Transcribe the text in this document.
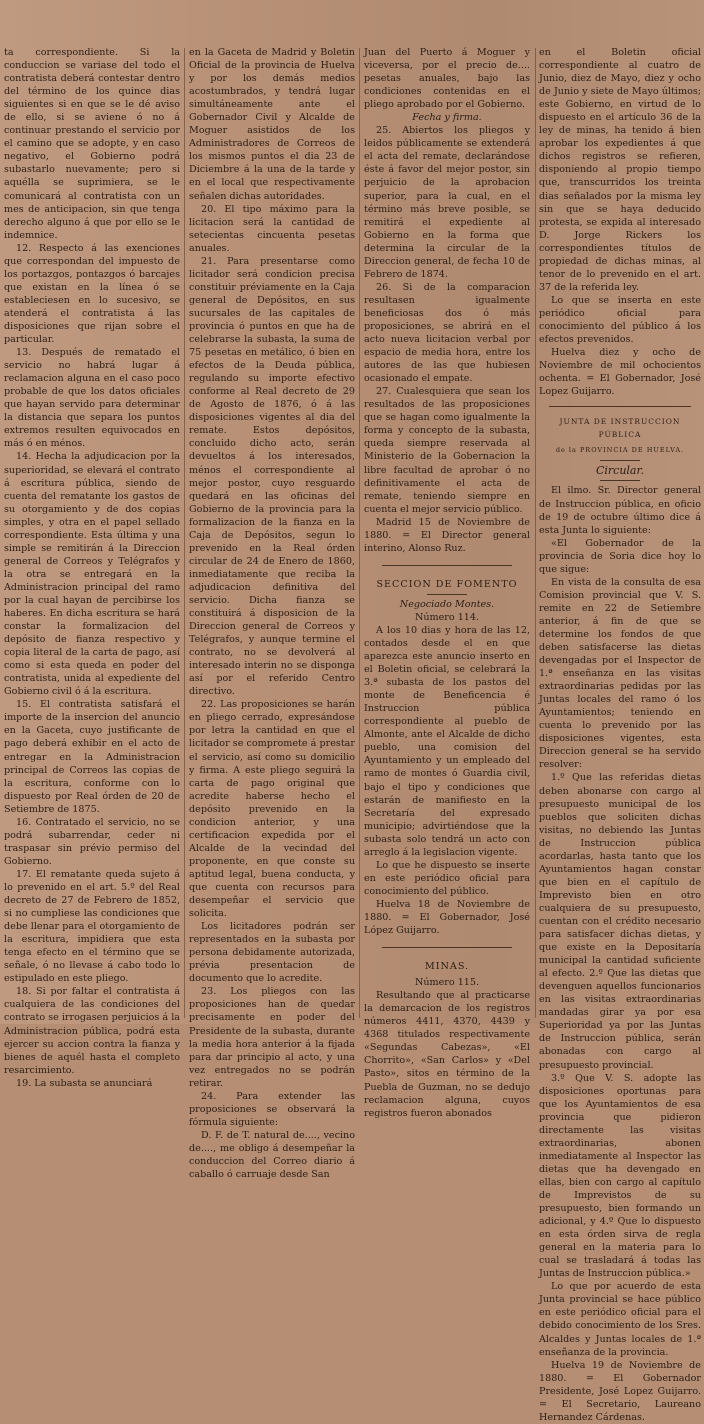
ta correspondiente. Si la conduccion se variase del todo el contratista deberá contestar dentro del término de los quince dias siguientes si en que se le dé aviso de ello, si se aviene ó no á continuar prestando el servicio por el camino que se adopte, y en caso negativo, el Gobierno podrá subastarlo nuevamente; pero si aquélla se suprimiera, se le comunicará al contratista con un mes de anticipacion, sin que tenga derecho alguno á que por ello se le indemnice.

12. Respecto á las exenciones que correspondan del impuesto de los portazgos, pontazgos ó barcajes que existan en la línea ó se estableciesen en lo sucesivo, se atenderá el contratista á las disposiciones que rijan sobre el particular.

13. Después de rematado el servicio no habrá lugar á reclamacion alguna en el caso poco probable de que los datos oficiales que hayan servido para determinar la distancia que separa los puntos extremos resulten equivocados en más ó en ménos.

14. Hecha la adjudicacion por la superioridad, se elevará el contrato á escritura pública, siendo de cuenta del rematante los gastos de su otorgamiento y de dos copias simples, y otra en el papel sellado correspondiente. Esta última y una simple se remitirán á la Direccion general de Correos y Telégrafos y la otra se entregará en la Administracion principal del ramo por la cual hayan de percibirse los haberes. En dicha escritura se hará constar la formalizacion del depósito de fianza respectivo y copia literal de la carta de pago, así como si esta queda en poder del contratista, unida al expediente del Gobierno civil ó á la escritura.

15. El contratista satisfará el importe de la insercion del anuncio en la Gaceta, cuyo justificante de pago deberá exhibir en el acto de entregar en la Administracion principal de Correos las copias de la escritura, conforme con lo dispuesto por Real órden de 20 de Setiembre de 1875.

16. Contratado el servicio, no se podrá subarrendar, ceder ni traspasar sin prévio permiso del Gobierno.

17. El rematante queda sujeto á lo prevenido en el art. 5.º del Real decreto de 27 de Febrero de 1852, si no cumpliese las condiciones que debe llenar para el otorgamiento de la escritura, impidiera que esta tenga efecto en el término que se señale, ó no llevase á cabo todo lo estipulado en este pliego.

18. Si por faltar el contratista á cualquiera de las condiciones del contrato se irrogasen perjuicios á la Administracion pública, podrá esta ejercer su accion contra la fianza y bienes de aquél hasta el completo resarcimiento.

19. La subasta se anunciará

en la Gaceta de Madrid y Boletin Oficial de la provincia de Huelva y por los demás medios acostumbrados, y tendrá lugar simultáneamente ante el Gobernador Civil y Alcalde de Moguer asistidos de los Administradores de Correos de los mismos puntos el dia 23 de Diciembre á la una de la tarde y en el local que respectivamente señalen dichas autoridades.

20. El tipo máximo para la licitacion será la cantidad de setecientas cincuenta pesetas anuales.

21. Para presentarse como licitador será condicion precisa constituir préviamente en la Caja general de Depósitos, en sus sucursales de las capitales de provincia ó puntos en que ha de celebrarse la subasta, la suma de 75 pesetas en metálico, ó bien en efectos de la Deuda pública, regulando su importe efectivo conforme al Real decreto de 29 de Agosto de 1876, ó á las disposiciones vigentes al dia del remate. Estos depósitos, concluido dicho acto, serán devueltos á los interesados, ménos el correspondiente al mejor postor, cuyo resguardo quedará en las oficinas del Gobierno de la provincia para la formalizacion de la fianza en la Caja de Depósitos, segun lo prevenido en la Real órden circular de 24 de Enero de 1860, inmediatamente que reciba la adjudicacion definitiva del servicio. Dicha fianza se constituirá á disposicion de la Direccion general de Correos y Telégrafos, y aunque termine el contrato, no se devolverá al interesado interin no se disponga así por el referido Centro directivo.

22. Las proposiciones se harán en pliego cerrado, expresándose por letra la cantidad en que el licitador se compromete á prestar el servicio, así como su domicilio y firma. A este pliego seguirá la carta de pago original que acredite haberse hecho el depósito prevenido en la condicion anterior, y una certificacion expedida por el Alcalde de la vecindad del proponente, en que conste su aptitud legal, buena conducta, y que cuenta con recursos para desempeñar el servicio que solicita.

Los licitadores podrán ser representados en la subasta por persona debidamente autorizada, prévia presentacion de documento que lo acredite.

23. Los pliegos con las proposiciones han de quedar precisamente en poder del Presidente de la subasta, durante la media hora anterior á la fijada para dar principio al acto, y una vez entregados no se podrán retirar.

24. Para extender las proposiciones se observará la fórmula siguiente:

D. F. de T. natural de...., vecino de...., me obligo á desempeñar la conduccion del Correo diario á caballo ó carruaje desde San

Juan del Puerto á Moguer y viceversa, por el precio de.... pesetas anuales, bajo las condiciones contenidas en el pliego aprobado por el Gobierno.

Fecha y firma.

25. Abiertos los pliegos y leidos públicamente se extenderá el acta del remate, declarándose éste á favor del mejor postor, sin perjuicio de la aprobacion superior, para la cual, en el término más breve posible, se remitirá el expediente al Gobierno en la forma que determina la circular de la Direccion general, de fecha 10 de Febrero de 1874.

26. Si de la comparacion resultasen igualmente beneficiosas dos ó más proposiciones, se abrirá en el acto nueva licitacion verbal por espacio de media hora, entre los autores de las que hubiesen ocasionado el empate.

27. Cualesquiera que sean los resultados de las proposiciones que se hagan como igualmente la forma y concepto de la subasta, queda siempre reservada al Ministerio de la Gobernacion la libre facultad de aprobar ó no definitivamente el acta de remate, teniendo siempre en cuenta el mejor servicio público.

Madrid 15 de Noviembre de 1880. = El Director general interino, Alonso Ruz.

SECCION DE FOMENTO

Negociado Montes.

Número 114.

A los 10 dias y hora de las 12, contados desde el en que aparezca este anuncio inserto en el Boletin oficial, se celebrará la 3.ª subasta de los pastos del monte de Beneficencia é Instruccion pública correspondiente al pueblo de Almonte, ante el Alcalde de dicho pueblo, una comision del Ayuntamiento y un empleado del ramo de montes ó Guardia civil, bajo el tipo y condiciones que estarán de manifiesto en la Secretaría del expresado municipio; advirtiéndose que la subasta solo tendrá un acto con arreglo á la legislacion vigente.

Lo que he dispuesto se inserte en este periódico oficial para conocimiento del público.

Huelva 18 de Noviembre de 1880. = El Gobernador, José López Guijarro.

MINAS.

Número 115.

Resultando que al practicarse la demarcacion de los registros números 4411, 4370, 4439 y 4368 titulados respectivamente «Segundas Cabezas», «El Chorrito», «San Carlos» y «Del Pasto», sitos en término de la Puebla de Guzman, no se dedujo reclamacion alguna, cuyos registros fueron abonados

en el Boletin oficial correspondiente al cuatro de Junio, diez de Mayo, diez y ocho de Junio y siete de Mayo últimos; este Gobierno, en virtud de lo dispuesto en el artículo 36 de la ley de minas, ha tenido á bien aprobar los expedientes á que dichos registros se refieren, disponiendo al propio tiempo que, transcurridos los treinta dias señalados por la misma ley sin que se haya deducido protesta, se expida al interesado D. Jorge Rickers los correspondientes títulos de propiedad de dichas minas, al tenor de lo prevenido en el art. 37 de la referida ley.

Lo que se inserta en este periódico oficial para conocimiento del público á los efectos prevenidos.

Huelva diez y ocho de Noviembre de mil ochocientos ochenta. = El Gobernador, José Lopez Guijarro.

JUNTA DE INSTRUCCION PÚBLICA

de la PROVINCIA DE HUELVA.

Circular.

El ilmo. Sr. Director general de Instruccion pública, en oficio de 19 de octubre último dice á esta Junta lo siguiente:

«El Gobernador de la provincia de Soria dice hoy lo que sigue:

En vista de la consulta de esa Comision provincial que V. S. remite en 22 de Setiembre anterior, á fin de que se determine los fondos de que deben satisfacerse las dietas devengadas por el Inspector de 1.ª enseñanza en las visitas extraordinarias pedidas por las Juntas locales del ramo ó los Ayuntamientos; teniendo en cuenta lo prevenido por las disposiciones vigentes, esta Direccion general se ha servido resolver:

1.º Que las referidas dietas deben abonarse con cargo al presupuesto municipal de los pueblos que soliciten dichas visitas, no debiendo las Juntas de Instruccion pública acordarlas, hasta tanto que los Ayuntamientos hagan constar que bien en el capítulo de Imprevisto bien en otro cualquiera de su presupuesto, cuentan con el crédito necesario para satisfacer dichas dietas, y que existe en la Depositaría municipal la cantidad suficiente al efecto. 2.º Que las dietas que devenguen aquellos funcionarios en las visitas extraordinarias mandadas girar ya por esa Superioridad ya por las Juntas de Instruccion pública, serán abonadas con cargo al presupuesto provincial.

3.º Que V. S. adopte las disposiciones oportunas para que los Ayuntamientos de esa provincia que pidieron directamente las visitas extraordinarias, abonen inmediatamente al Inspector las dietas que ha devengado en ellas, bien con cargo al capítulo de Imprevistos de su presupuesto, bien formando un adicional, y 4.º Que lo dispuesto en esta órden sirva de regla general en la materia para lo cual se trasladará á todas las Juntas de Instruccion pública.»

Lo que por acuerdo de esta Junta provincial se hace público en este periódico oficial para el debido conocimiento de los Sres. Alcaldes y Juntas locales de 1.ª enseñanza de la provincia.

Huelva 19 de Noviembre de 1880. = El Gobernador Presidente, José Lopez Guijarro. = El Secretario, Laureano Hernandez Cárdenas.
